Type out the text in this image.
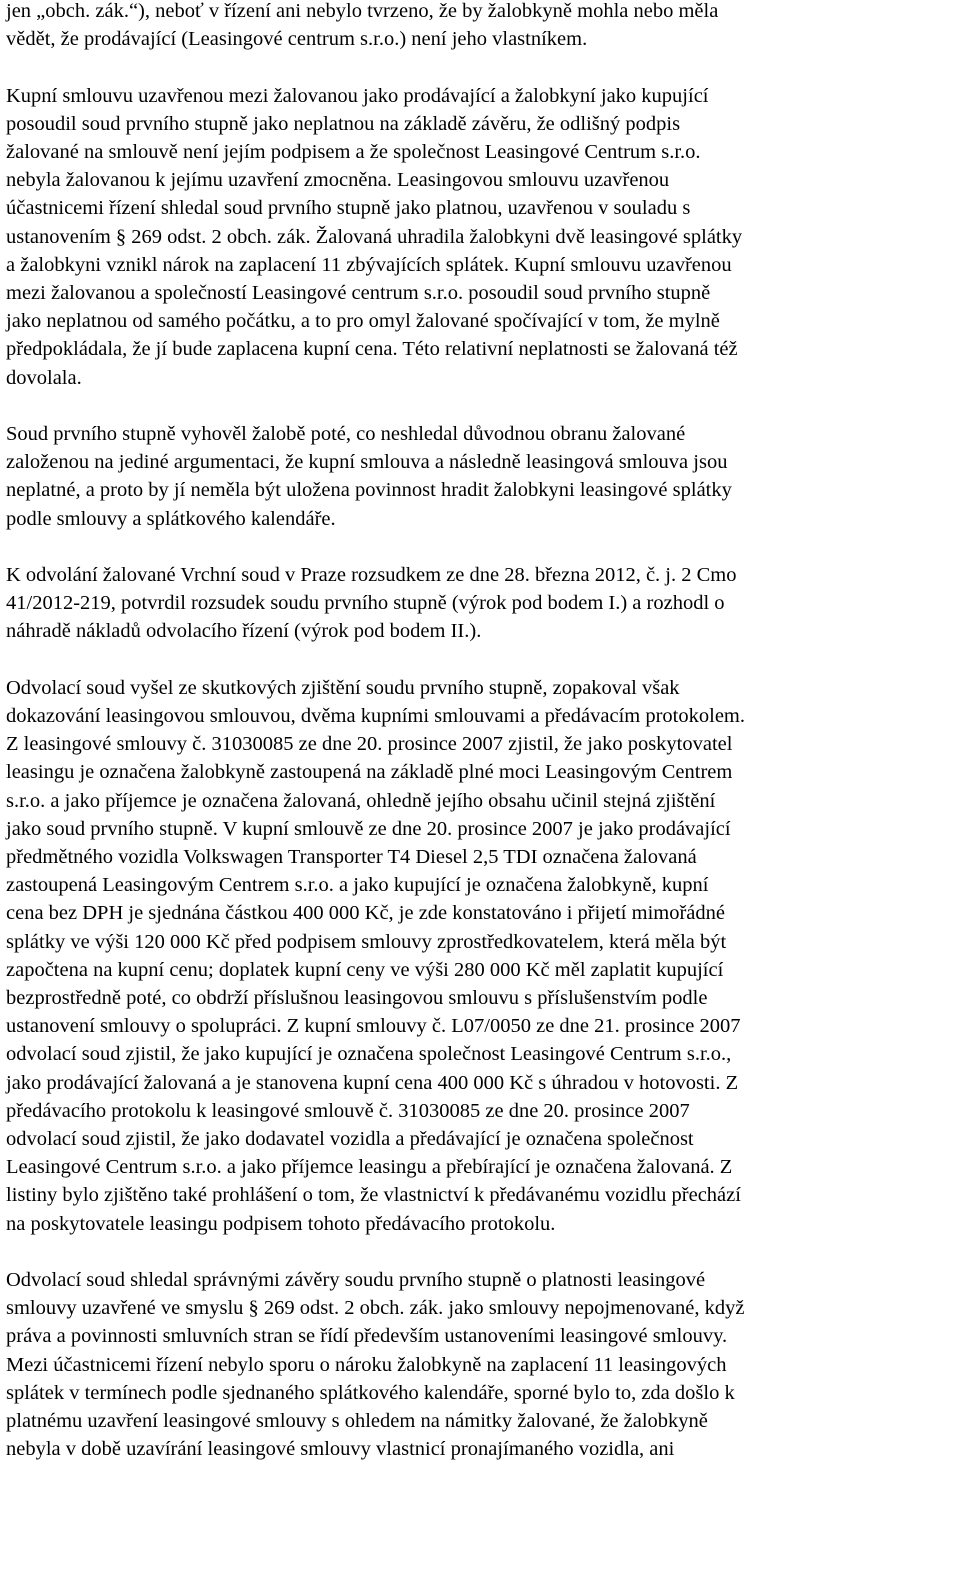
jen „obch. zák.“), neboť v řízení ani nebylo tvrzeno, že by žalobkyně mohla nebo měla
vědět, že prodávající (Leasingové centrum s.r.o.) není jeho vlastníkem.

Kupní smlouvu uzavřenou mezi žalovanou jako prodávající a žalobkyní jako kupující
posoudil soud prvního stupně jako neplatnou na základě závěru, že odlišný podpis
žalované na smlouvě není jejím podpisem a že společnost Leasingové Centrum s.r.o.
nebyla žalovanou k jejímu uzavření zmocněna. Leasingovou smlouvu uzavřenou
účastnicemi řízení shledal soud prvního stupně jako platnou, uzavřenou v souladu s
ustanovením § 269 odst. 2 obch. zák. Žalovaná uhradila žalobkyni dvě leasingové splátky
a žalobkyni vznikl nárok na zaplacení 11 zbývajících splátek. Kupní smlouvu uzavřenou
mezi žalovanou a společností Leasingové centrum s.r.o. posoudil soud prvního stupně
jako neplatnou od samého počátku, a to pro omyl žalované spočívající v tom, že mylně
předpokládala, že jí bude zaplacena kupní cena. Této relativní neplatnosti se žalovaná též
dovolala.

Soud prvního stupně vyhověl žalobě poté, co neshledal důvodnou obranu žalované
založenou na jediné argumentaci, že kupní smlouva a následně leasingová smlouva jsou
neplatné, a proto by jí neměla být uložena povinnost hradit žalobkyni leasingové splátky
podle smlouvy a splátkového kalendáře.

K odvolání žalované Vrchní soud v Praze rozsudkem ze dne 28. března 2012, č. j. 2 Cmo
41/2012-219, potvrdil rozsudek soudu prvního stupně (výrok pod bodem I.) a rozhodl o
náhradě nákladů odvolacího řízení (výrok pod bodem II.).

Odvolací soud vyšel ze skutkových zjištění soudu prvního stupně, zopakoval však
dokazování leasingovou smlouvou, dvěma kupními smlouvami a předávacím protokolem.
Z leasingové smlouvy č. 31030085 ze dne 20. prosince 2007 zjistil, že jako poskytovatel
leasingu je označena žalobkyně zastoupená na základě plné moci Leasingovým Centrem
s.r.o. a jako příjemce je označena žalovaná, ohledně jejího obsahu učinil stejná zjištění
jako soud prvního stupně. V kupní smlouvě ze dne 20. prosince 2007 je jako prodávající
předmětného vozidla Volkswagen Transporter T4 Diesel 2,5 TDI označena žalovaná
zastoupená Leasingovým Centrem s.r.o. a jako kupující je označena žalobkyně, kupní
cena bez DPH je sjednána částkou 400 000 Kč, je zde konstatováno i přijetí mimořádné
splátky ve výši 120 000 Kč před podpisem smlouvy zprostředkovatelem, která měla být
započtena na kupní cenu; doplatek kupní ceny ve výši 280 000 Kč měl zaplatit kupující
bezprostředně poté, co obdrží příslušnou leasingovou smlouvu s příslušenstvím podle
ustanovení smlouvy o spolupráci. Z kupní smlouvy č. L07/0050 ze dne 21. prosince 2007
odvolací soud zjistil, že jako kupující je označena společnost Leasingové Centrum s.r.o.,
jako prodávající žalovaná a je stanovena kupní cena 400 000 Kč s úhradou v hotovosti. Z
předávacího protokolu k leasingové smlouvě č. 31030085 ze dne 20. prosince 2007
odvolací soud zjistil, že jako dodavatel vozidla a předávající je označena společnost
Leasingové Centrum s.r.o. a jako příjemce leasingu a přebírající je označena žalovaná. Z
listiny bylo zjištěno také prohlášení o tom, že vlastnictví k předávanému vozidlu přechází
na poskytovatele leasingu podpisem tohoto předávacího protokolu.

Odvolací soud shledal správnými závěry soudu prvního stupně o platnosti leasingové
smlouvy uzavřené ve smyslu § 269 odst. 2 obch. zák. jako smlouvy nepojmenované, když
práva a povinnosti smluvních stran se řídí především ustanoveními leasingové smlouvy.
Mezi účastnicemi řízení nebylo sporu o nároku žalobkyně na zaplacení 11 leasingových
splátek v termínech podle sjednaného splátkového kalendáře, sporné bylo to, zda došlo k
platnému uzavření leasingové smlouvy s ohledem na námitky žalované, že žalobkyně
nebyla v době uzavírání leasingové smlouvy vlastnicí pronajímaného vozidla, ani
